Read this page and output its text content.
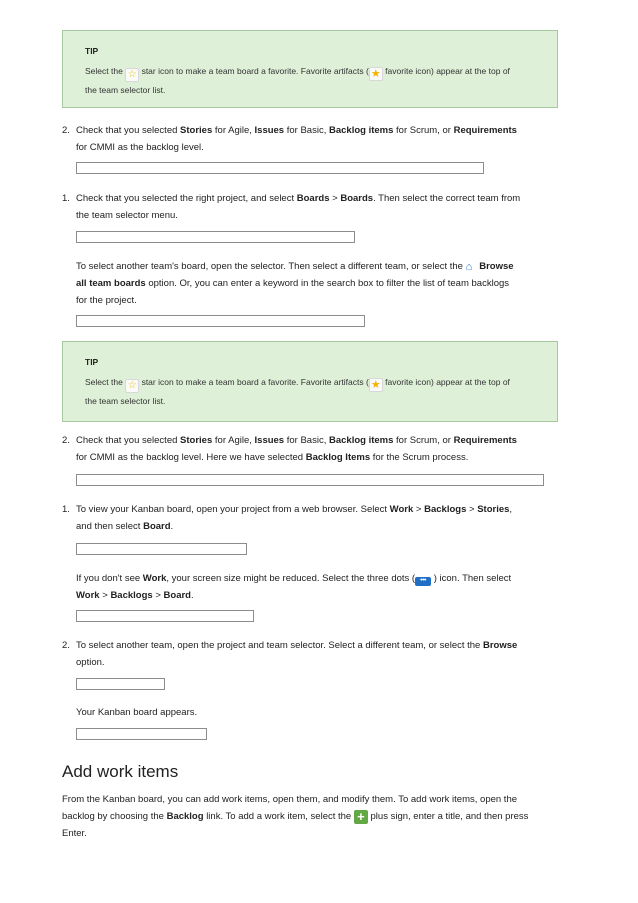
TIP
Select the ☆ star icon to make a team board a favorite. Favorite artifacts ( ★ favorite icon) appear at the top of
the team selector list.
2. Check that you selected Stories for Agile, Issues for Basic, Backlog items for Scrum, or Requirements
for CMMI as the backlog level.
1. Check that you selected the right project, and select Boards > Boards. Then select the correct team from
the team selector menu.
To select another team's board, open the selector. Then select a different team, or select the ⌂ Browse
all team boards option. Or, you can enter a keyword in the search box to filter the list of team backlogs
for the project.
TIP
Select the ☆ star icon to make a team board a favorite. Favorite artifacts ( ★ favorite icon) appear at the top of
the team selector list.
2. Check that you selected Stories for Agile, Issues for Basic, Backlog items for Scrum, or Requirements
for CMMI as the backlog level. Here we have selected Backlog Items for the Scrum process.
1. To view your Kanban board, open your project from a web browser. Select Work > Backlogs > Stories,
and then select Board.
If you don't see Work, your screen size might be reduced. Select the three dots ( ••• ) icon. Then select
Work > Backlogs > Board.
2. To select another team, open the project and team selector. Select a different team, or select the Browse
option.
Your Kanban board appears.
Add work items
From the Kanban board, you can add work items, open them, and modify them. To add work items, open the
backlog by choosing the Backlog link. To add a work item, select the + plus sign, enter a title, and then press
Enter.
